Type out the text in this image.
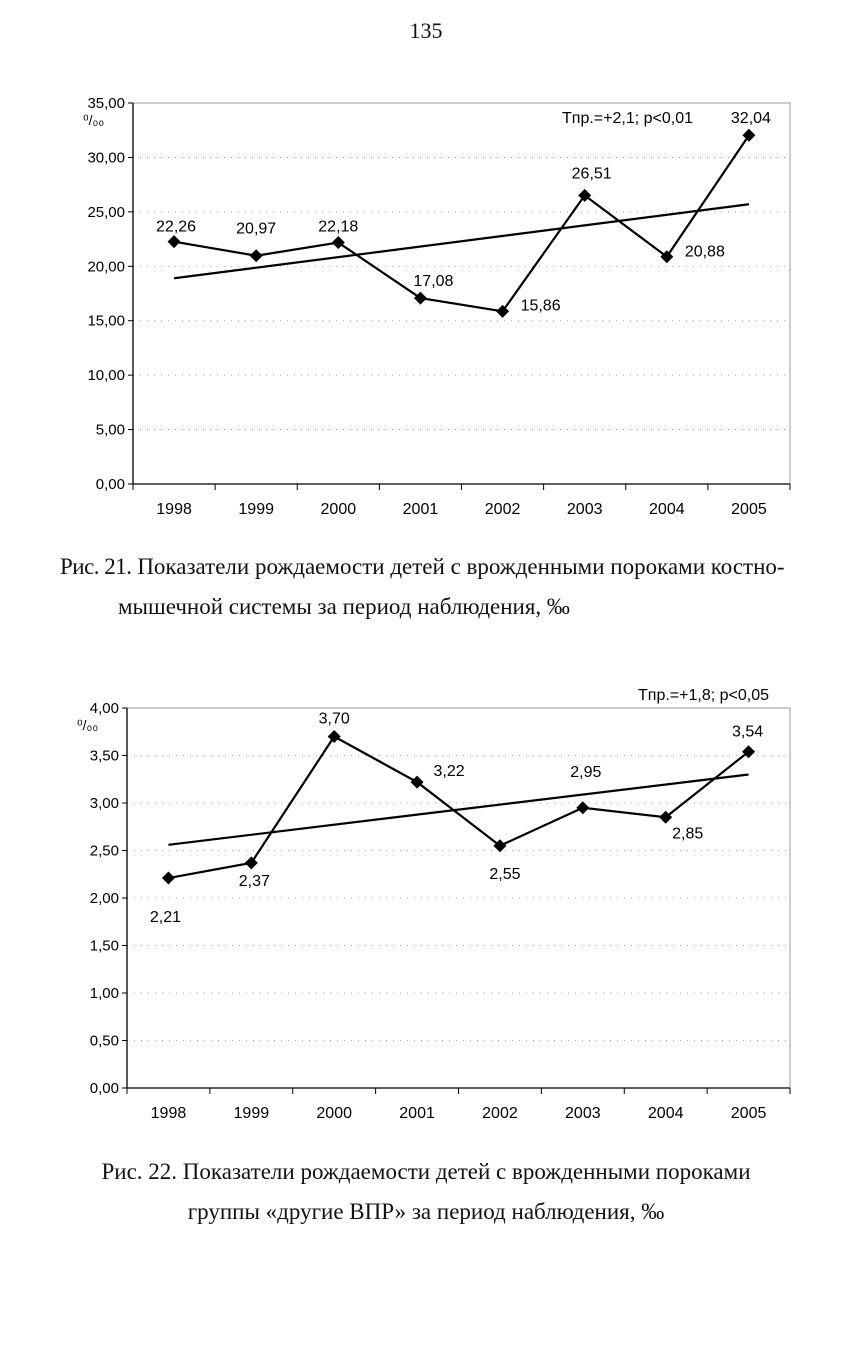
135
0,00
5,00
10,00
15,00
20,00
25,00
30,00
35,00
1998	1999	2000	2001	2002	2003	2004	2005
⁰/₀₀	Tпр.=+2,1; р<0,01
22,26	20,97	22,18
17,08
15,86
26,51
20,88
32,04
Рис. 21. Показатели рождаемости детей с врожденными пороками костно-
мышечной системы за период наблюдения, ‰
0,00
0,50
1,00
1,50
2,00
2,50
3,00
3,50
4,00
1998	1999	2000	2001	2002	2003	2004	2005
⁰/₀₀
Tпр.=+1,8; р<0,05
2,21
2,37
3,70
3,22
2,55
2,95
2,85
3,54
Рис. 22. Показатели рождаемости детей с врожденными пороками
группы «другие ВПР» за период наблюдения, ‰
